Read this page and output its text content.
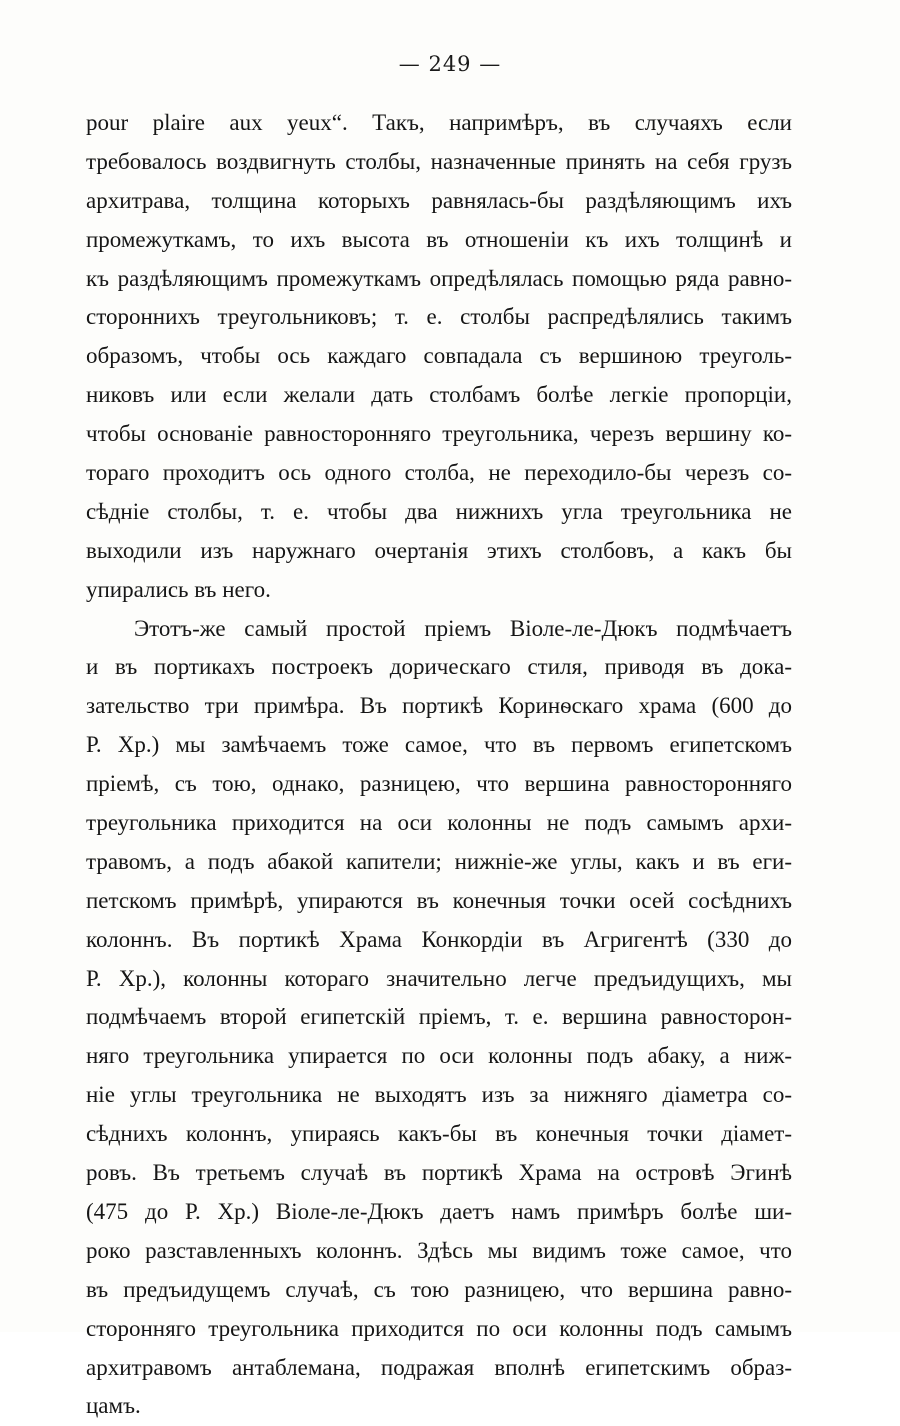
— 249 —
pour plaire aux yeux“. Такъ, напримѣръ, въ случаяхъ если
требовалось воздвигнуть столбы, назначенные принять на себя грузъ
архитрава, толщина которыхъ равнялась-бы раздѣляющимъ ихъ
промежуткамъ, то ихъ высота въ отношеніи къ ихъ толщинѣ и
къ раздѣляющимъ промежуткамъ опредѣлялась помощью ряда равно-
стороннихъ треугольниковъ; т. е. столбы распредѣлялись такимъ
образомъ, чтобы ось каждаго совпадала съ вершиною треуголь-
никовъ или если желали дать столбамъ болѣе легкіе пропорціи,
чтобы основаніе равносторонняго треугольника, черезъ вершину ко-
тораго проходитъ ось одного столба, не переходило-бы черезъ со-
сѣдніе столбы, т. е. чтобы два нижнихъ угла треугольника не
выходили изъ наружнаго очертанія этихъ столбовъ, а какъ бы
упирались въ него.
Этотъ-же самый простой пріемъ Віоле-ле-Дюкъ подмѣчаетъ
и въ портикахъ построекъ дорическаго стиля, приводя въ дока-
зательство три примѣра. Въ портикѣ Коринѳскаго храма (600 до
Р. Хр.) мы замѣчаемъ тоже самое, что въ первомъ египетскомъ
пріемѣ, съ тою, однако, разницею, что вершина равносторонняго
треугольника приходится на оси колонны не подъ самымъ архи-
травомъ, а подъ абакой капители; нижніе-же углы, какъ и въ еги-
петскомъ примѣрѣ, упираются въ конечныя точки осей сосѣднихъ
колоннъ. Въ портикѣ Храма Конкордіи въ Агригентѣ (330 до
Р. Хр.), колонны котораго значительно легче предъидущихъ, мы
подмѣчаемъ второй египетскій пріемъ, т. е. вершина равносторон-
няго треугольника упирается по оси колонны подъ абаку, а ниж-
ніе углы треугольника не выходятъ изъ за нижняго діаметра со-
сѣднихъ колоннъ, упираясь какъ-бы въ конечныя точки діамет-
ровъ. Въ третьемъ случаѣ въ портикѣ Храма на островѣ Эгинѣ
(475 до Р. Хр.) Віоле-ле-Дюкъ даетъ намъ примѣръ болѣе ши-
роко разставленныхъ колоннъ. Здѣсь мы видимъ тоже самое, что
въ предъидущемъ случаѣ, съ тою разницею, что вершина равно-
сторонняго треугольника приходится по оси колонны подъ самымъ
архитравомъ антаблемана, подражая вполнѣ египетскимъ образ-
цамъ.
